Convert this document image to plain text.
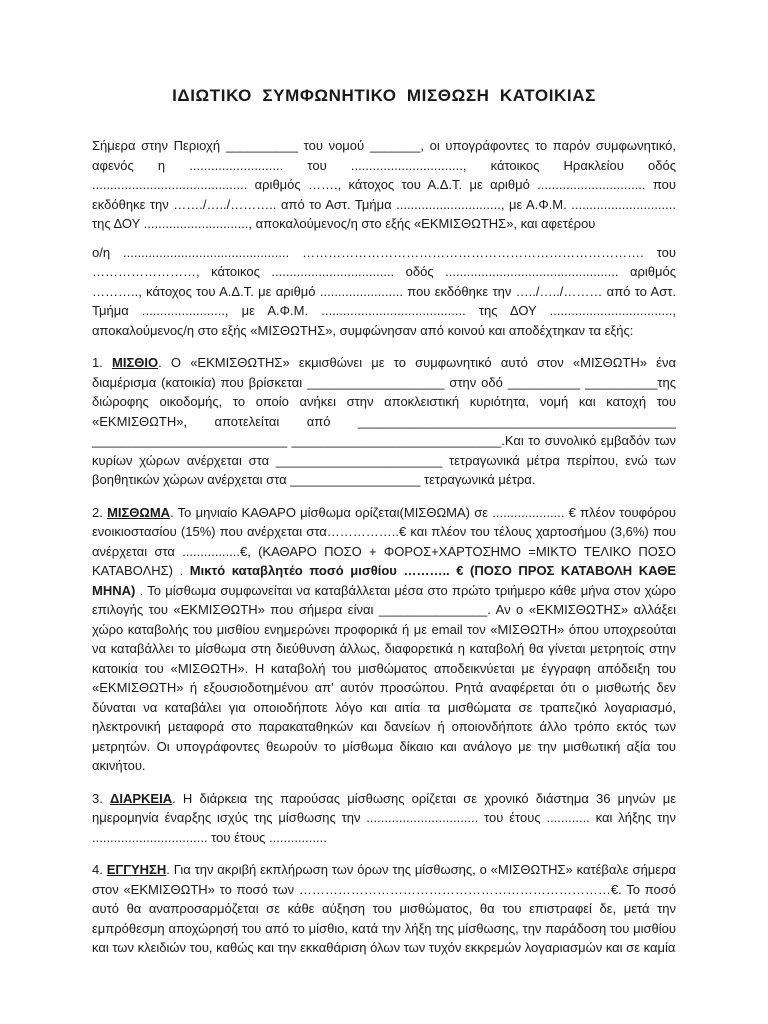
ΙΔΙΩΤΙΚΟ ΣΥΜΦΩΝΗΤΙΚΟ ΜΙΣΘΩΣΗ ΚΑΤΟΙΚΙΑΣ

Σήμερα στην Περιοχή __________ του νομού _______, οι υπογράφοντες το παρόν συμφωνητικό, αφενός η .......................... του ..............................., κάτοικος Ηρακλείου οδός ........................................... αριθμός ……., κάτοχος του Α.Δ.Τ. με αριθμό .............................. που εκδόθηκε την ……./…../……….. από το Αστ. Τμήμα ............................., με Α.Φ.Μ. ............................. της ΔΟΥ ............................., αποκαλούμενος/η στο εξής «ΕΚΜΙΣΘΩΤΗΣ», και αφετέρου

ο/η .............................................. ……………………………………………………………………. του ……………………, κάτοικος .................................. οδός ................................................ αριθμός ……….., κάτοχος του Α.Δ.Τ. με αριθμό ....................... που εκδόθηκε την …../…../……… από το Αστ. Τμήμα ......................., με Α.Φ.Μ. ........................................ της ΔΟΥ .................................., αποκαλούμενος/η στο εξής «ΜΙΣΘΩΤΗΣ», συμφώνησαν από κοινού και αποδέχτηκαν τα εξής:

1. ΜΙΣΘΙΟ. Ο «ΕΚΜΙΣΘΩΤΗΣ» εκμισθώνει με το συμφωνητικό αυτό στον «ΜΙΣΘΩΤΗ» ένα διαμέρισμα (κατοικία) που βρίσκεται ___________________ στην οδό __________ __________της διώροφης οικοδομής, το οποίο ανήκει στην αποκλειστική κυριότητα, νομή και κατοχή του «ΕΚΜΙΣΘΩΤΗ», αποτελείται από ____________________________________________ ___________________________ _____________________________.Και το συνολικό εμβαδόν των κυρίων χώρων ανέρχεται στα _______________________ τετραγωνικά μέτρα περίπου, ενώ των βοηθητικών χώρων ανέρχεται στα __________________ τετραγωνικά μέτρα.

2. ΜΙΣΘΩΜΑ. Το μηνιαίο ΚΑΘΑΡΟ μίσθωμα ορίζεται(ΜΙΣΘΩΜΑ) σε .................... € πλέον τουφόρου ενοικιοστασίου (15%) που ανέρχεται στα……………..€ και πλέον του τέλους χαρτοσήμου (3,6%) που ανέρχεται στα ................€, (ΚΑΘΑΡΟ ΠΟΣΟ + ΦΟΡΟΣ+ΧΑΡΤΟΣΗΜΟ =ΜΙΚΤΟ ΤΕΛΙΚΟ ΠΟΣΟ ΚΑΤΑΒΟΛΗΣ) . Μικτό καταβλητέο ποσό μισθίου ……….. € (ΠΟΣΟ ΠΡΟΣ ΚΑΤΑΒΟΛΗ ΚΑΘΕ ΜΗΝΑ) . Το μίσθωμα συμφωνείται να καταβάλλεται μέσα στο πρώτο τριήμερο κάθε μήνα στον χώρο επιλογής του «ΕΚΜΙΣΘΩΤΗ» που σήμερα είναι _______________. Αν ο «ΕΚΜΙΣΘΩΤΗΣ» αλλάξει χώρο καταβολής του μισθίου ενημερώνει προφορικά ή με email τον «ΜΙΣΘΩΤΗ» όπου υποχρεούται να καταβάλλει το μίσθωμα στη διεύθυνση άλλως, διαφορετικά η καταβολή θα γίνεται μετρητοίς στην κατοικία του «ΜΙΣΘΩΤΗ». Η καταβολή του μισθώματος αποδεικνύεται με έγγραφη απόδειξη του «ΕΚΜΙΣΘΩΤΗ» ή εξουσιοδοτημένου απ' αυτόν προσώπου. Ρητά αναφέρεται ότι ο μισθωτής δεν δύναται να καταβάλει για οποιοδήποτε λόγο και αιτία τα μισθώματα σε τραπεζικό λογαριασμό, ηλεκτρονική μεταφορά στο παρακαταθηκών και δανείων ή οποιονδήποτε άλλο τρόπο εκτός των μετρητών. Οι υπογράφοντες θεωρούν το μίσθωμα δίκαιο και ανάλογο με την μισθωτική αξία του ακινήτου.

3. ΔΙΑΡΚΕΙΑ. Η διάρκεια της παρούσας μίσθωσης ορίζεται σε χρονικό διάστημα 36 μηνών με ημερομηνία έναρξης ισχύς της μίσθωσης την ............................... του έτους ............ και λήξης την ................................ του έτους ................

4. ΕΓΓΥΗΣΗ. Για την ακριβή εκπλήρωση των όρων της μίσθωσης, ο «ΜΙΣΘΩΤΗΣ» κατέβαλε σήμερα στον «ΕΚΜΙΣΘΩΤΗ» το ποσό των ………………………………………………………………€. Το ποσό αυτό θα αναπροσαρμόζεται σε κάθε αύξηση του μισθώματος, θα του επιστραφεί δε, μετά την εμπρόθεσμη αποχώρησή του από το μίσθιο, κατά την λήξη της μίσθωσης, την παράδοση του μισθίου και των κλειδιών του, καθώς και την εκκαθάριση όλων των τυχόν εκκρεμών λογαριασμών και σε καμία
